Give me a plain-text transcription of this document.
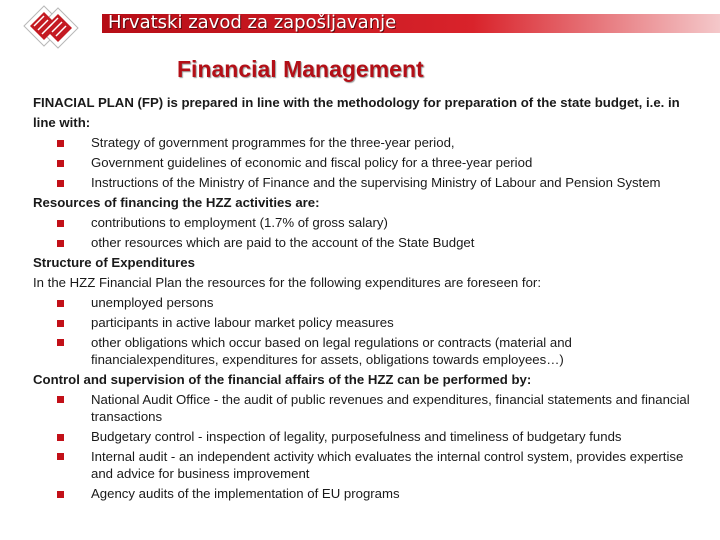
Hrvatski zavod za zapošljavanje
Financial Management

FINACIAL PLAN (FP) is prepared in line with the methodology for preparation of the state budget, i.e. in line with:

Strategy of government programmes for the three-year period,
Government guidelines of economic and fiscal policy for a three-year period
Instructions of the Ministry of Finance and the supervising Ministry of Labour and Pension System

Resources of financing the HZZ activities are:

contributions to employment (1.7% of gross salary)
other resources which are paid to the account of the State Budget

Structure of Expenditures

In the HZZ Financial Plan the resources for the following expenditures are foreseen for:

unemployed persons
participants in active labour market policy measures
other obligations which occur based on legal regulations or contracts (material and financialexpenditures, expenditures for assets, obligations towards employees…)

Control and supervision of the financial affairs of the HZZ can be performed by:

National Audit Office - the audit of public revenues and expenditures, financial statements and financial transactions
Budgetary control - inspection of legality, purposefulness and timeliness of budgetary funds
Internal audit - an independent activity which evaluates the internal control system, provides expertise and advice for business improvement
Agency audits of the implementation of EU programs
